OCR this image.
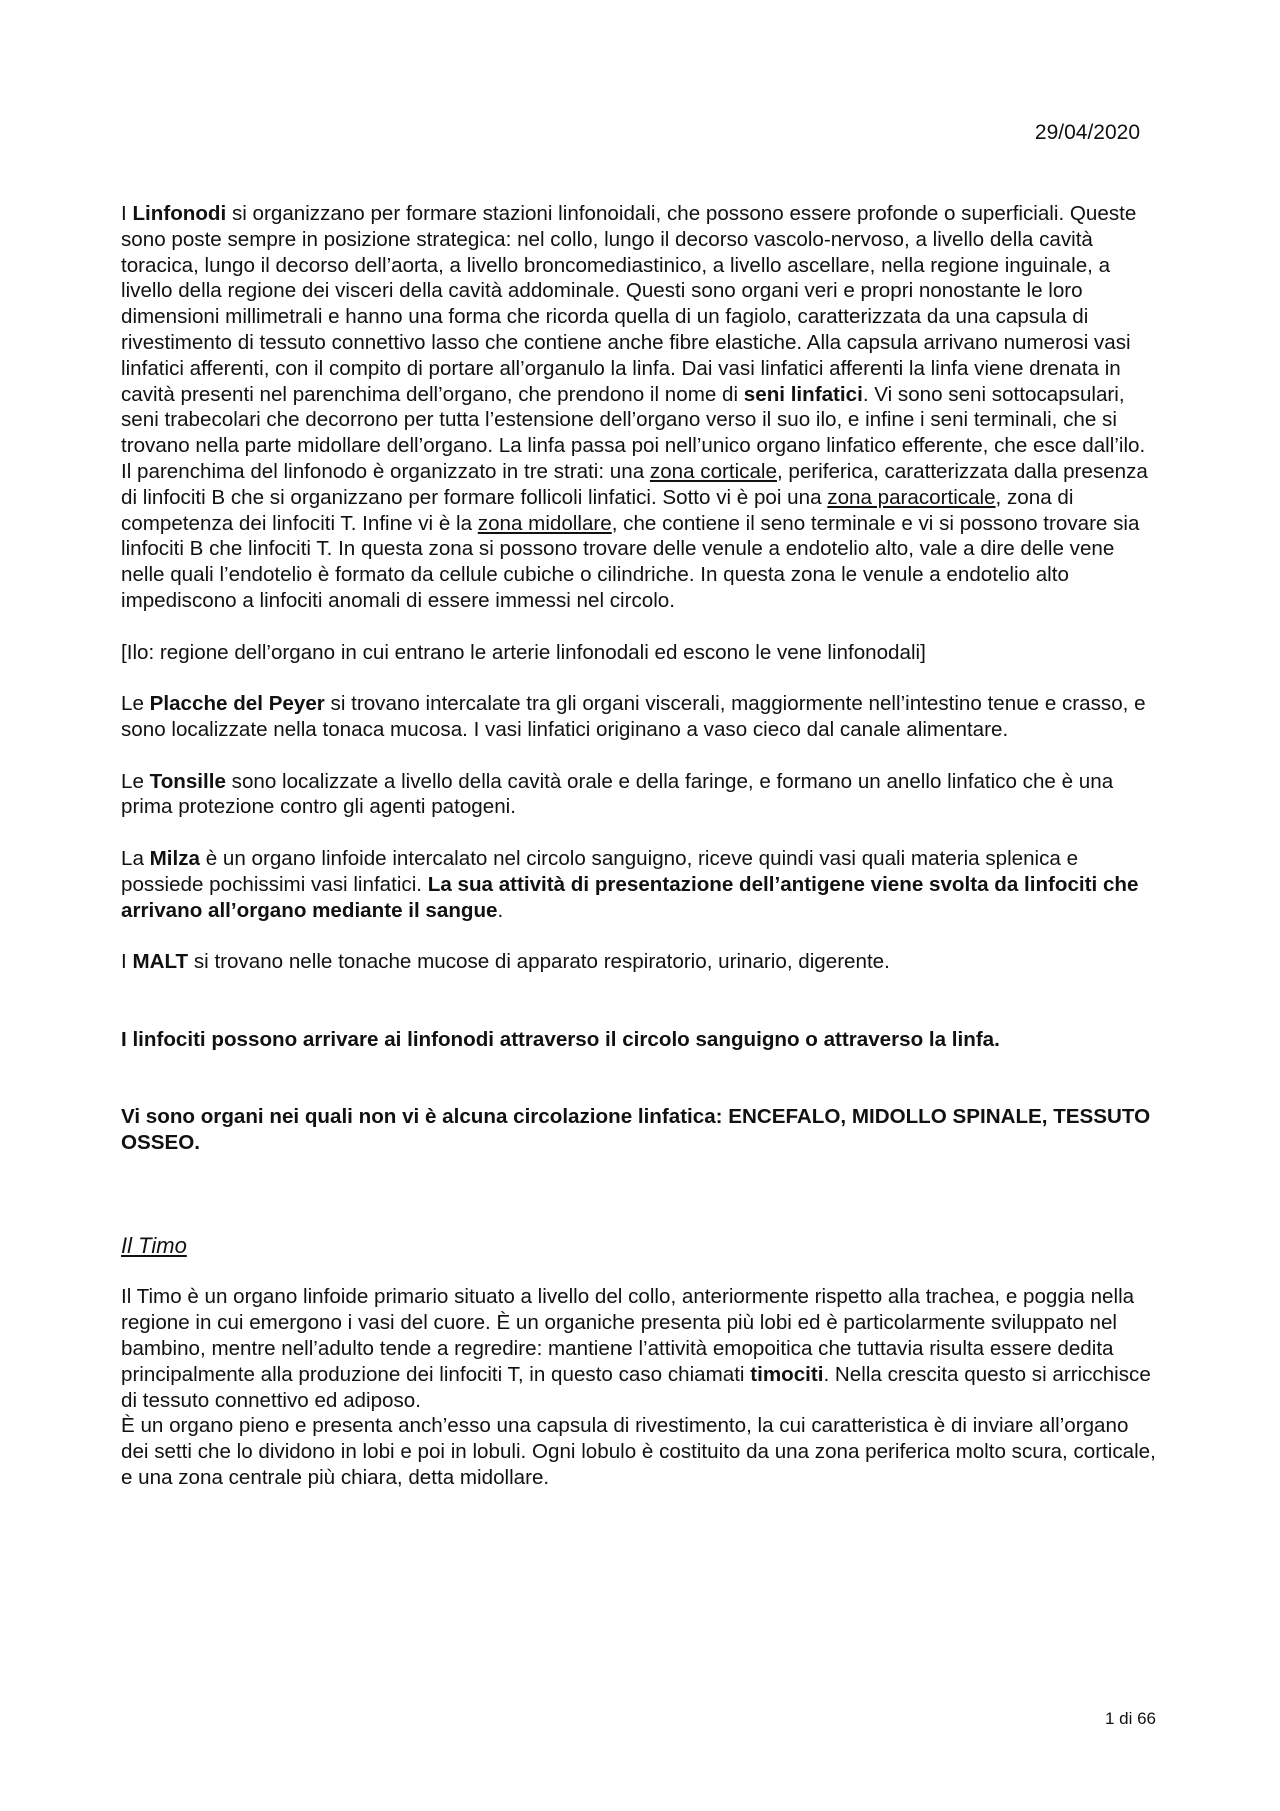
29/04/2020

I Linfonodi si organizzano per formare stazioni linfonoidali, che possono essere profonde o superficiali. Queste sono poste sempre in posizione strategica: nel collo, lungo il decorso vascolo-nervoso, a livello della cavità toracica, lungo il decorso dell’aorta, a livello broncomediastinico, a livello ascellare, nella regione inguinale, a livello della regione dei visceri della cavità addominale. Questi sono organi veri e propri nonostante le loro dimensioni millimetrali e hanno una forma che ricorda quella di un fagiolo, caratterizzata da una capsula di rivestimento di tessuto connettivo lasso che contiene anche fibre elastiche. Alla capsula arrivano numerosi vasi linfatici afferenti, con il compito di portare all’organulo la linfa. Dai vasi linfatici afferenti la linfa viene drenata in cavità presenti nel parenchima dell’organo, che prendono il nome di seni linfatici. Vi sono seni sottocapsulari, seni trabecolari che decorrono per tutta l’estensione dell’organo verso il suo ilo, e infine i seni terminali, che si trovano nella parte midollare dell’organo. La linfa passa poi nell’unico organo linfatico efferente, che esce dall’ilo.

Il parenchima del linfonodo è organizzato in tre strati: una zona corticale, periferica, caratterizzata dalla presenza di linfociti B che si organizzano per formare follicoli linfatici. Sotto vi è poi una zona paracorticale, zona di competenza dei linfociti T. Infine vi è la zona midollare, che contiene il seno terminale e vi si possono trovare sia linfociti B che linfociti T. In questa zona si possono trovare delle venule a endotelio alto, vale a dire delle vene nelle quali l’endotelio è formato da cellule cubiche o cilindriche. In questa zona le venule a endotelio alto impediscono a linfociti anomali di essere immessi nel circolo.

[Ilo: regione dell’organo in cui entrano le arterie linfonodali ed escono le vene linfonodali]

Le Placche del Peyer si trovano intercalate tra gli organi viscerali, maggiormente nell’intestino tenue e crasso, e sono localizzate nella tonaca mucosa. I vasi linfatici originano a vaso cieco dal canale alimentare.

Le Tonsille sono localizzate a livello della cavità orale e della faringe, e formano un anello linfatico che è una prima protezione contro gli agenti patogeni.

La Milza è un organo linfoide intercalato nel circolo sanguigno, riceve quindi vasi quali materia splenica e possiede pochissimi vasi linfatici. La sua attività di presentazione dell’antigene viene svolta da linfociti che arrivano all’organo mediante il sangue.

I MALT si trovano nelle tonache mucose di apparato respiratorio, urinario, digerente.

I linfociti possono arrivare ai linfonodi attraverso il circolo sanguigno o attraverso la linfa.

Vi sono organi nei quali non vi è alcuna circolazione linfatica: ENCEFALO, MIDOLLO SPINALE, TESSUTO OSSEO.

Il Timo

Il Timo è un organo linfoide primario situato a livello del collo, anteriormente rispetto alla trachea, e poggia nella regione in cui emergono i vasi del cuore. È un organiche presenta più lobi ed è particolarmente sviluppato nel bambino, mentre nell’adulto tende a regredire: mantiene l’attività emopoitica che tuttavia risulta essere dedita principalmente alla produzione dei linfociti T, in questo caso chiamati timociti. Nella crescita questo si arricchisce di tessuto connettivo ed adiposo.

È un organo pieno e presenta anch’esso una capsula di rivestimento, la cui caratteristica è di inviare all’organo dei setti che lo dividono in lobi e poi in lobuli. Ogni lobulo è costituito da una zona periferica molto scura, corticale, e una zona centrale più chiara, detta midollare.

1 di 66
